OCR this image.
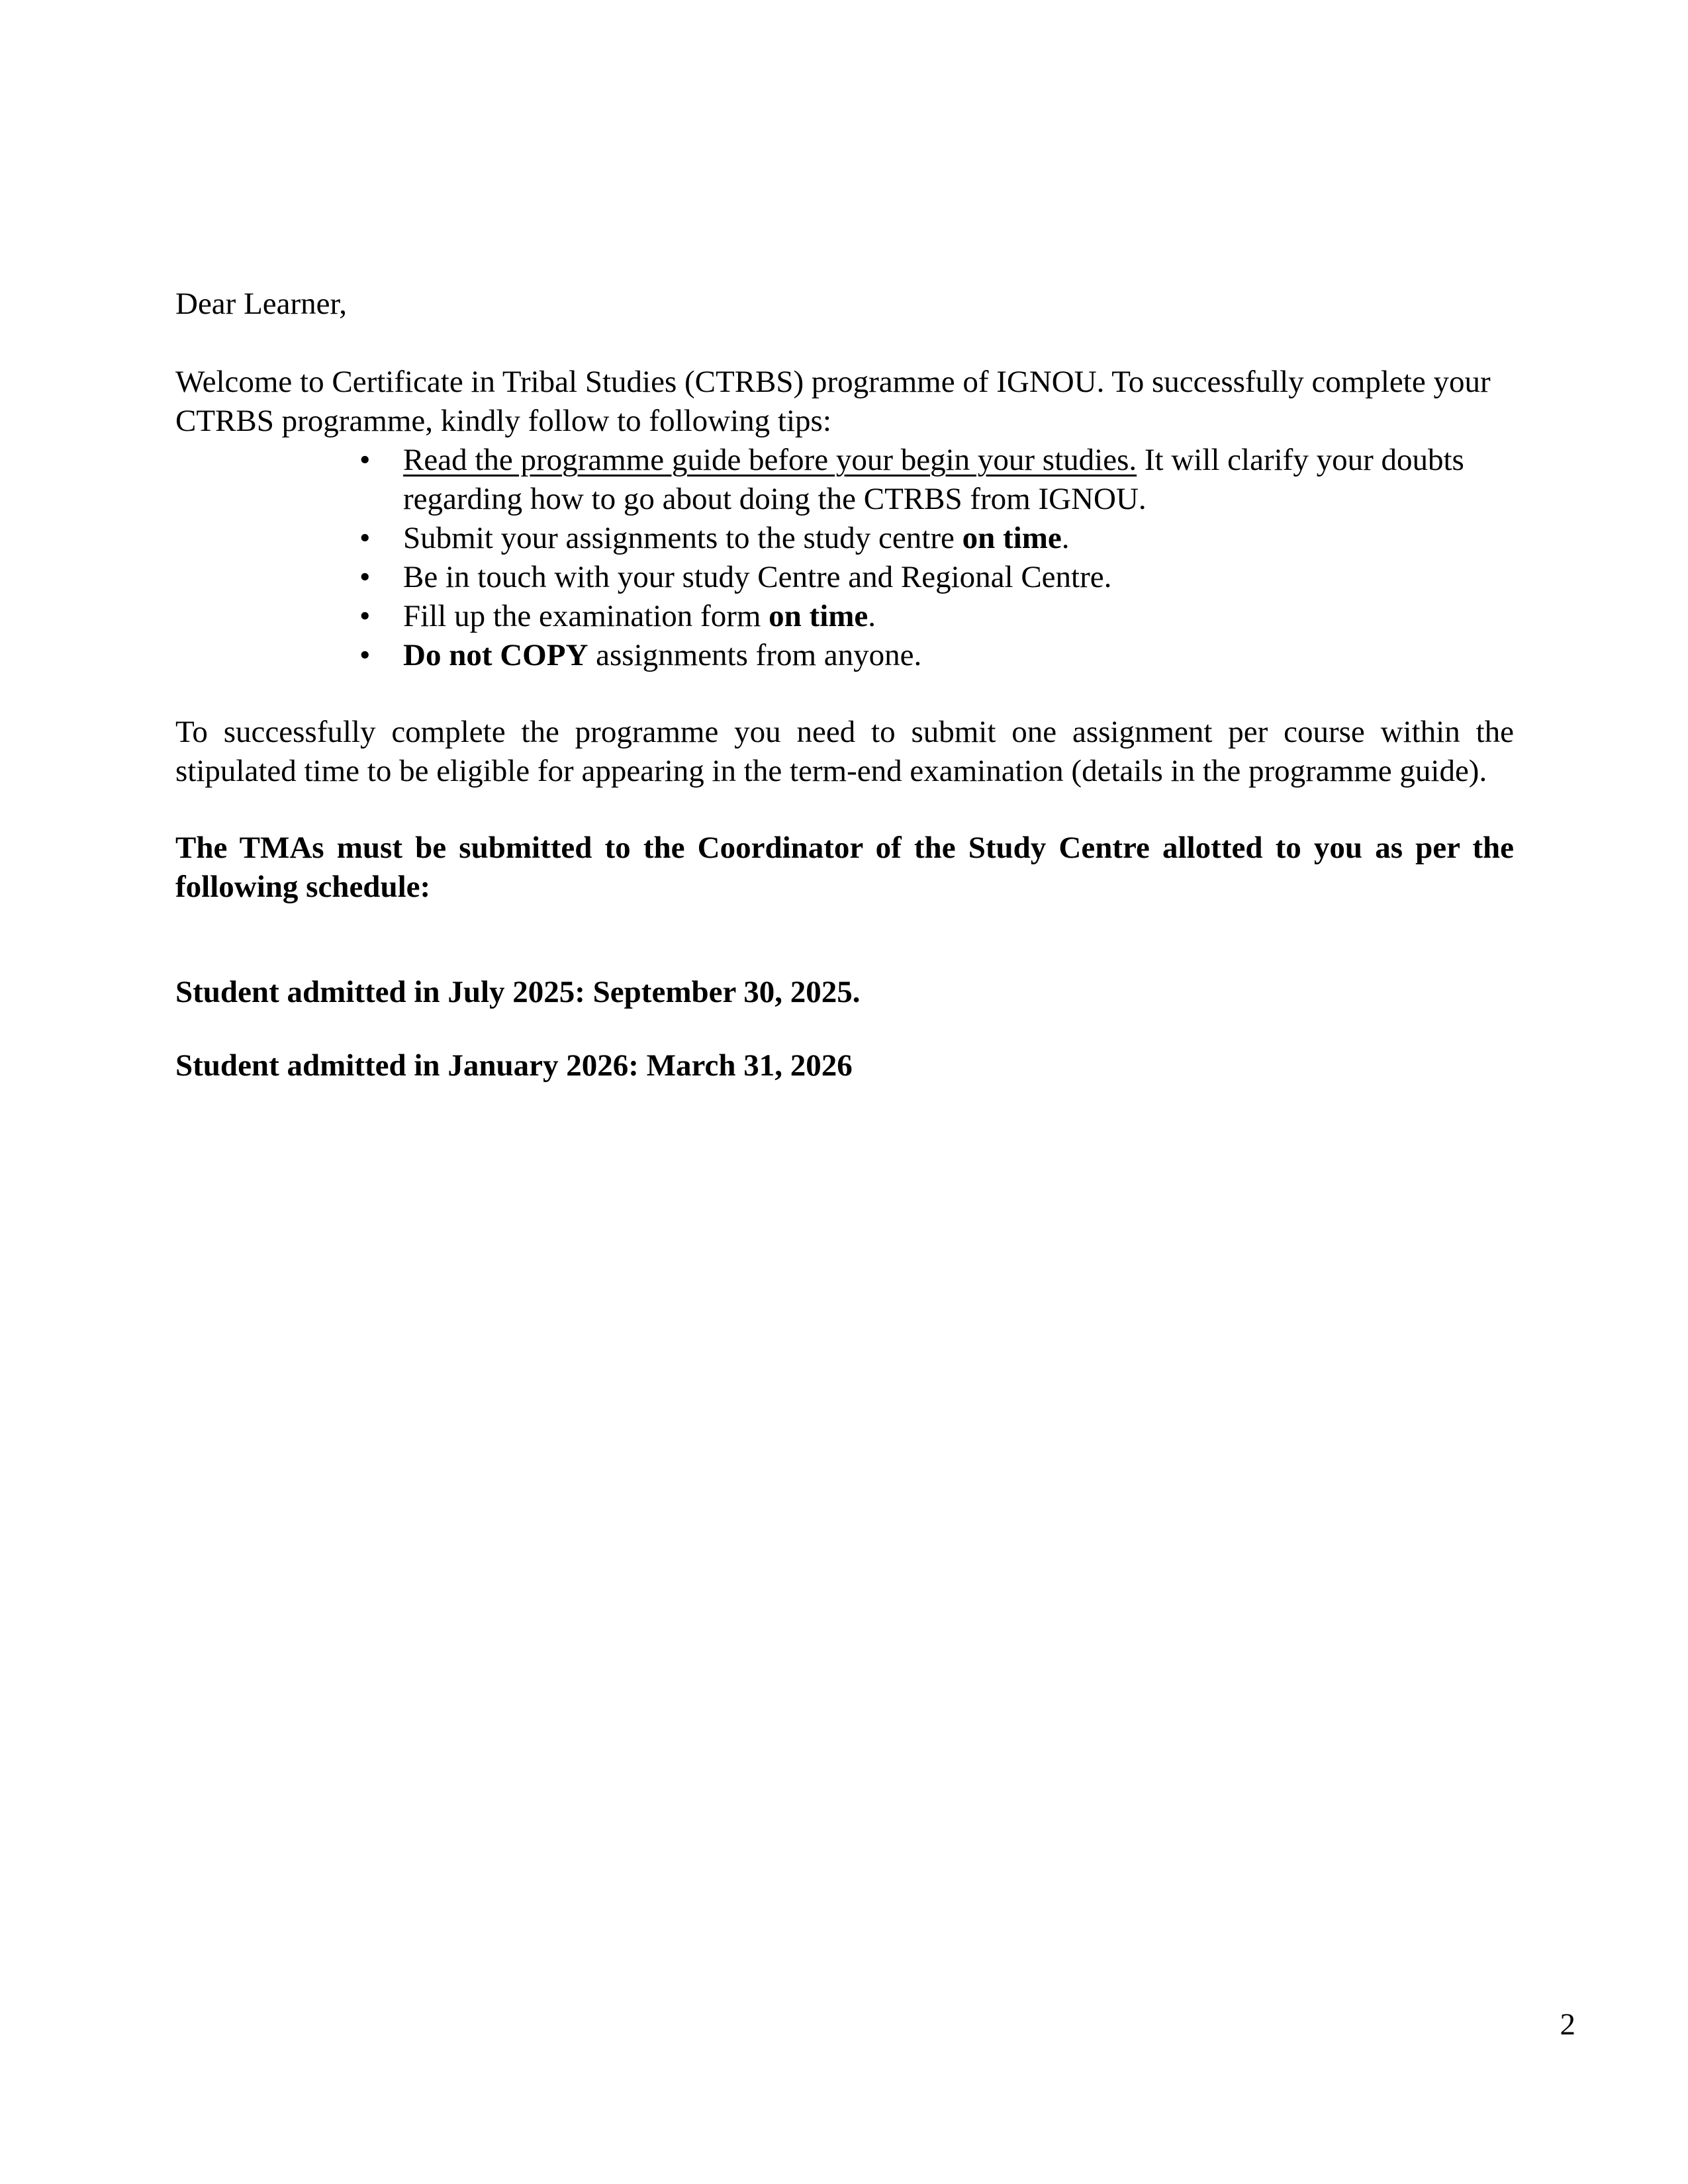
Dear Learner,

Welcome to Certificate in Tribal Studies (CTRBS) programme of IGNOU. To successfully complete your CTRBS programme, kindly follow to following tips:

•	Read the programme guide before your begin your studies. It will clarify your doubts regarding how to go about doing the CTRBS from IGNOU.
•	Submit your assignments to the study centre on time.
•	Be in touch with your study Centre and Regional Centre.
•	Fill up the examination form on time.
•	Do not COPY assignments from anyone.

To successfully complete the programme you need to submit one assignment per course within the stipulated time to be eligible for appearing in the term-end examination (details in the programme guide).

The TMAs must be submitted to the Coordinator of the Study Centre allotted to you as per the following schedule:

Student admitted in July 2025: September 30, 2025.

Student admitted in January 2026: March 31, 2026

2
